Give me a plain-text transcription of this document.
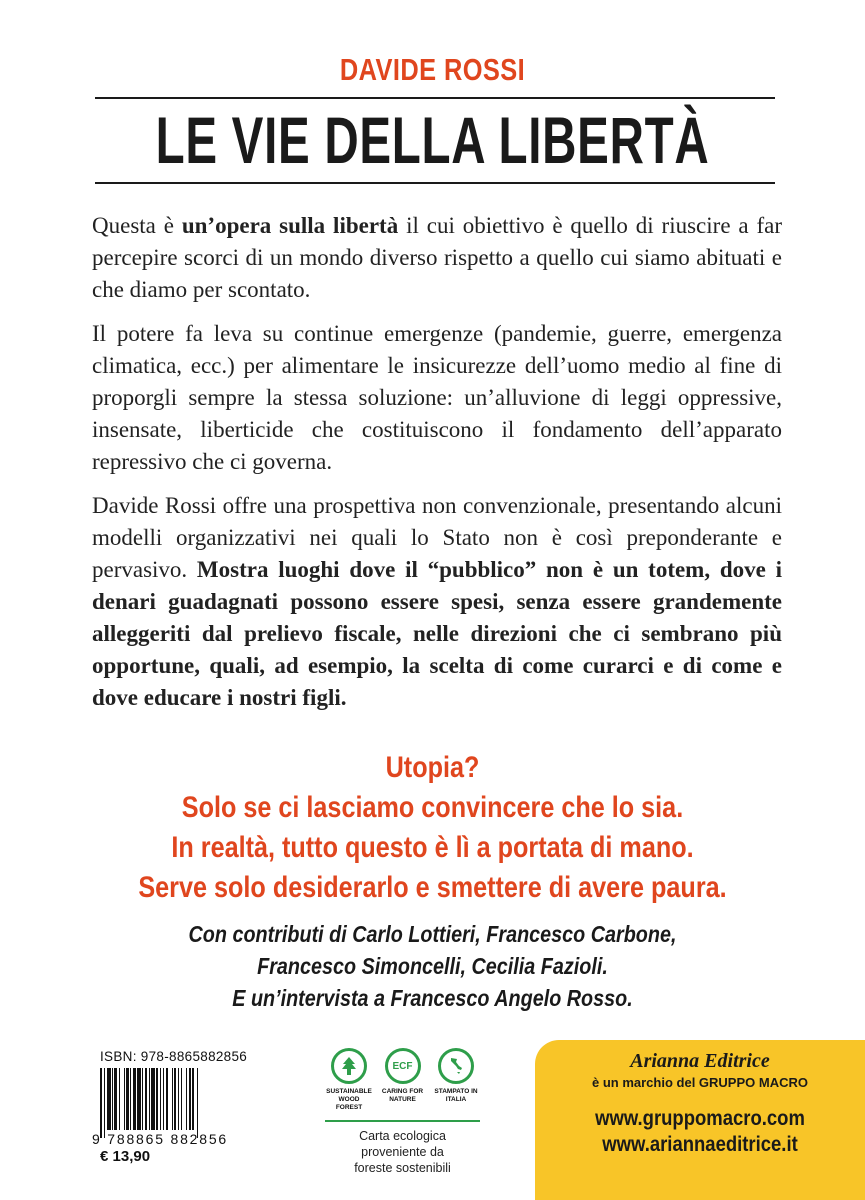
DAVIDE ROSSI
LE VIE DELLA LIBERTÀ

Questa è un’opera sulla libertà il cui obiettivo è quello di riuscire a far percepire scorci di un mondo diverso rispetto a quello cui siamo abituati e che diamo per scontato.

Il potere fa leva su continue emergenze (pandemie, guerre, emergenza climatica, ecc.) per alimentare le insicurezze dell’uomo medio al fine di proporgli sempre la stessa soluzione: un’alluvione di leggi oppressive, insensate, liberticide che costituiscono il fondamento dell’apparato repressivo che ci governa.

Davide Rossi offre una prospettiva non convenzionale, presentando alcuni modelli organizzativi nei quali lo Stato non è così preponderante e pervasivo. Mostra luoghi dove il “pubblico” non è un totem, dove i denari guadagnati possono essere spesi, senza essere grandemente alleggeriti dal prelievo fiscale, nelle direzioni che ci sembrano più opportune, quali, ad esempio, la scelta di come curarci e di come e dove educare i nostri figli.

Utopia?
Solo se ci lasciamo convincere che lo sia.
In realtà, tutto questo è lì a portata di mano.
Serve solo desiderarlo e smettere di avere paura.
Con contributi di Carlo Lottieri, Francesco Carbone,
Francesco Simoncelli, Cecilia Fazioli.
E un’intervista a Francesco Angelo Rosso.
ISBN: 978-8865882856
9 788865 882856
€ 13,90
SUSTAINABLE WOOD FOREST
ECF
CARING FOR NATURE
STAMPATO IN ITALIA
Carta ecologica
proveniente da
foreste sostenibili
Arianna Editrice
è un marchio del GRUPPO MACRO
www.gruppomacro.com
www.ariannaeditrice.it
